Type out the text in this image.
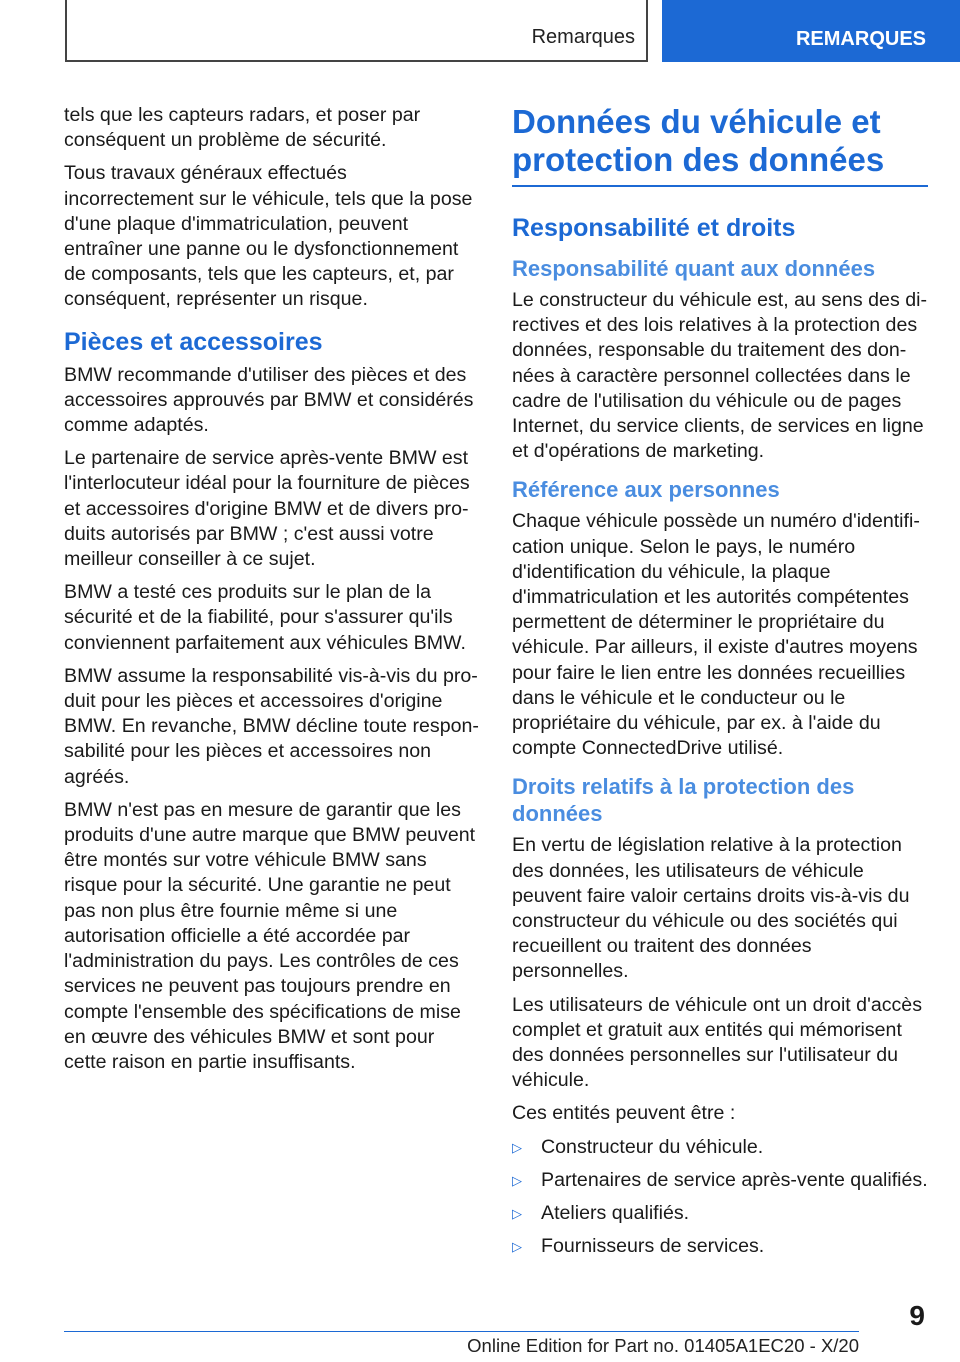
Remarques	REMARQUES

tels que les capteurs radars, et poser par conséquent un problème de sécurité.

Tous travaux généraux effectués incorrectement sur le véhicule, tels que la pose d'une plaque d'immatriculation, peuvent entraîner une panne ou le dysfonctionnement de composants, tels que les capteurs, et, par conséquent, représenter un risque.

Pièces et accessoires

BMW recommande d'utiliser des pièces et des accessoires approuvés par BMW et considérés comme adaptés.

Le partenaire de service après-vente BMW est l'interlocuteur idéal pour la fourniture de pièces et accessoires d'origine BMW et de divers produits autorisés par BMW ; c'est aussi votre meilleur conseiller à ce sujet.

BMW a testé ces produits sur le plan de la sécurité et de la fiabilité, pour s'assurer qu'ils conviennent parfaitement aux véhicules BMW.

BMW assume la responsabilité vis-à-vis du produit pour les pièces et accessoires d'origine BMW. En revanche, BMW décline toute responsabilité pour les pièces et accessoires non agréés.

BMW n'est pas en mesure de garantir que les produits d'une autre marque que BMW peuvent être montés sur votre véhicule BMW sans risque pour la sécurité. Une garantie ne peut pas non plus être fournie même si une autorisation officielle a été accordée par l'administration du pays. Les contrôles de ces services ne peuvent pas toujours prendre en compte l'ensemble des spécifications de mise en œuvre des véhicules BMW et sont pour cette raison en partie insuffisants.

Données du véhicule et protection des données
Responsabilité et droits
Responsabilité quant aux données

Le constructeur du véhicule est, au sens des directives et des lois relatives à la protection des données, responsable du traitement des données à caractère personnel collectées dans le cadre de l'utilisation du véhicule ou de pages Internet, du service clients, de services en ligne et d'opérations de marketing.

Référence aux personnes

Chaque véhicule possède un numéro d'identification unique. Selon le pays, le numéro d'identification du véhicule, la plaque d'immatriculation et les autorités compétentes permettent de déterminer le propriétaire du véhicule. Par ailleurs, il existe d'autres moyens pour faire le lien entre les données recueillies dans le véhicule et le conducteur ou le propriétaire du véhicule, par ex. à l'aide du compte ConnectedDrive utilisé.

Droits relatifs à la protection des données

En vertu de législation relative à la protection des données, les utilisateurs de véhicule peuvent faire valoir certains droits vis-à-vis du constructeur du véhicule ou des sociétés qui recueillent ou traitent des données personnelles.

Les utilisateurs de véhicule ont un droit d'accès complet et gratuit aux entités qui mémorisent des données personnelles sur l'utilisateur du véhicule.

Ces entités peuvent être :

▷ Constructeur du véhicule.
▷ Partenaires de service après-vente qualifiés.
▷ Ateliers qualifiés.
▷ Fournisseurs de services.
9
Online Edition for Part no. 01405A1EC20 - X/20
